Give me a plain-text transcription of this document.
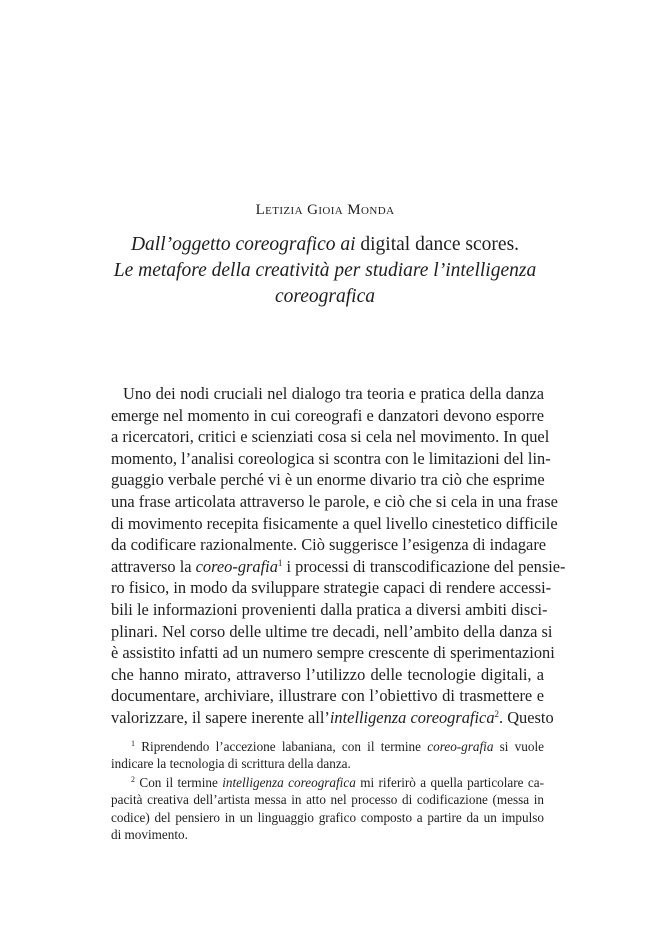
Letizia Gioia Monda
Dall’oggetto coreografico ai digital dance scores.
Le metafore della creatività per studiare l’intelligenza
coreografica
Uno dei nodi cruciali nel dialogo tra teoria e pratica della danza
emerge nel momento in cui coreografi e danzatori devono esporre
a ricercatori, critici e scienziati cosa si cela nel movimento. In quel
momento, l’analisi coreologica si scontra con le limitazioni del lin-
guaggio verbale perché vi è un enorme divario tra ciò che esprime
una frase articolata attraverso le parole, e ciò che si cela in una frase
di movimento recepita fisicamente a quel livello cinestetico difficile
da codificare razionalmente. Ciò suggerisce l’esigenza di indagare
attraverso la coreo-grafia$^1$ i processi di transcodificazione del pensie-
ro fisico, in modo da sviluppare strategie capaci di rendere accessi-
bili le informazioni provenienti dalla pratica a diversi ambiti disci-
plinari. Nel corso delle ultime tre decadi, nell’ambito della danza si
è assistito infatti ad un numero sempre crescente di sperimentazioni
che hanno mirato, attraverso l’utilizzo delle tecnologie digitali, a
documentare, archiviare, illustrare con l’obiettivo di trasmettere e
valorizzare, il sapere inerente all’intelligenza coreografica$^2$. Questo
$^1$ Riprendendo l’accezione labaniana, con il termine coreo-grafia si vuole
indicare la tecnologia di scrittura della danza.
$^2$ Con il termine intelligenza coreografica mi riferirò a quella particolare ca-
pacità creativa dell’artista messa in atto nel processo di codificazione (messa in
codice) del pensiero in un linguaggio grafico composto a partire da un impulso
di movimento.
